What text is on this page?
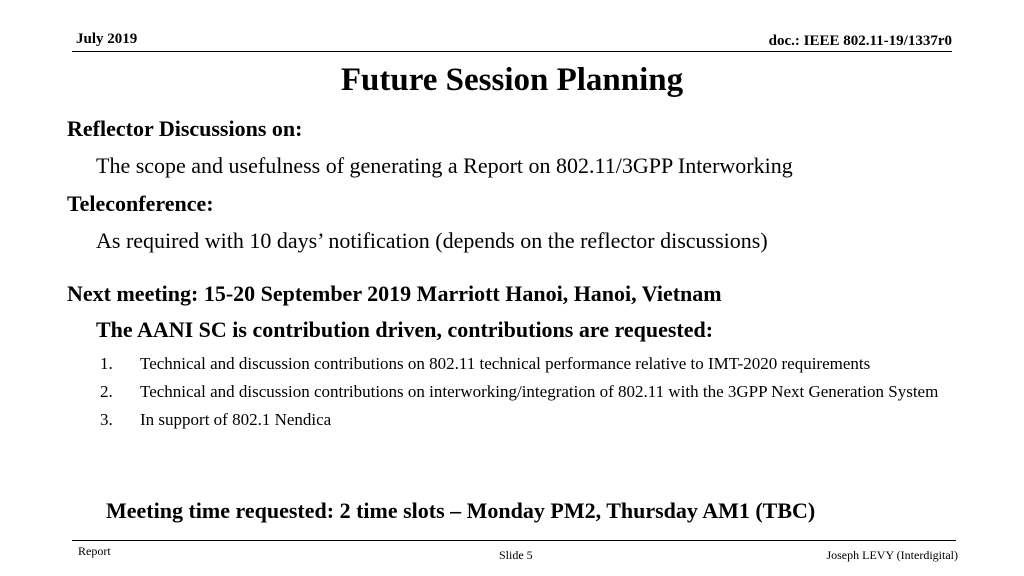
July 2019	doc.: IEEE 802.11-19/1337r0
Future Session Planning
Reflector Discussions on:
The scope and usefulness of generating a Report on 802.11/3GPP Interworking
Teleconference:
As required with 10 days’ notification (depends on the reflector discussions)
Next meeting: 15-20 September 2019 Marriott Hanoi, Hanoi, Vietnam
The AANI SC is contribution driven, contributions are requested:
1.	Technical and discussion contributions on 802.11 technical performance relative to IMT-2020 requirements
2.	Technical and discussion contributions on interworking/integration of 802.11 with the 3GPP Next Generation System
3.	In support of 802.1 Nendica
Meeting time requested: 2 time slots – Monday PM2, Thursday AM1 (TBC)
Report	Slide 5	Joseph LEVY (Interdigital)
